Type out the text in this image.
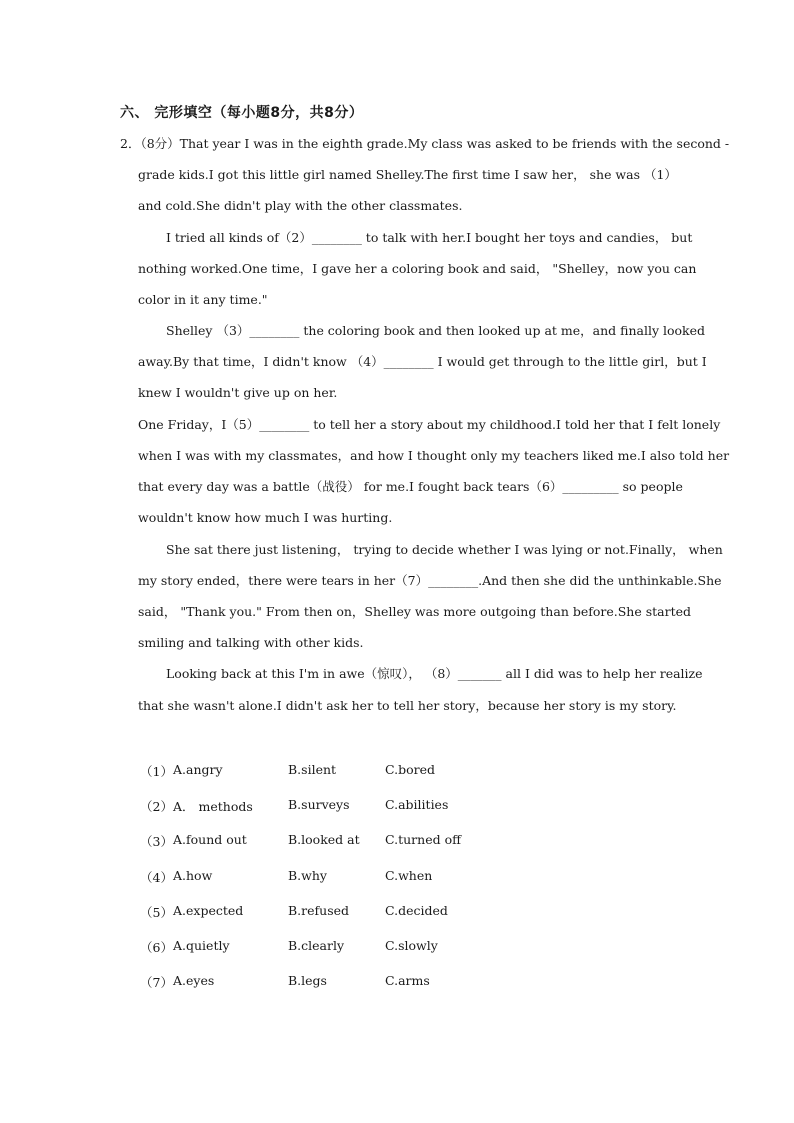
六、 完形填空（每小题8分，共8分）
2．（8分）That year I was in the eighth grade.My class was asked to be friends with the second -
grade kids.I got this little girl named Shelley.The first time I saw her， she was （1）
and cold.She didn't play with the other classmates.
I tried all kinds of（2）________ to talk with her.I bought her toys and candies， but
nothing worked.One time，I gave her a coloring book and said， "Shelley，now you can
color in it any time."
Shelley （3）________ the coloring book and then looked up at me，and finally looked
away.By that time，I didn't know （4）________ I would get through to the little girl，but I
knew I wouldn't give up on her.
One Friday，I（5）________ to tell her a story about my childhood.I told her that I felt lonely
when I was with my classmates，and how I thought only my teachers liked me.I also told her
that every day was a battle（战役） for me.I fought back tears（6）_________ so people
wouldn't know how much I was hurting.
She sat there just listening， trying to decide whether I was lying or not.Finally， when
my story ended，there were tears in her（7）________.And then she did the unthinkable.She
said， "Thank you." From then on，Shelley was more outgoing than before.She started
smiling and talking with other kids.
Looking back at this I'm in awe（惊叹）， （8）_______ all I did was to help her realize
that she wasn't alone.I didn't ask her to tell her story，because her story is my story.
（1） A.angry	B.silent	C.bored
（2） A． methods	B.surveys	C.abilities
（3） A.found out	B.looked at C.turned off
（4） A.how	B.why	C.when
（5） A.expected	B.refused	C.decided
（6） A.quietly	B.clearly	C.slowly
（7） A.eyes	B.legs	C.arms
